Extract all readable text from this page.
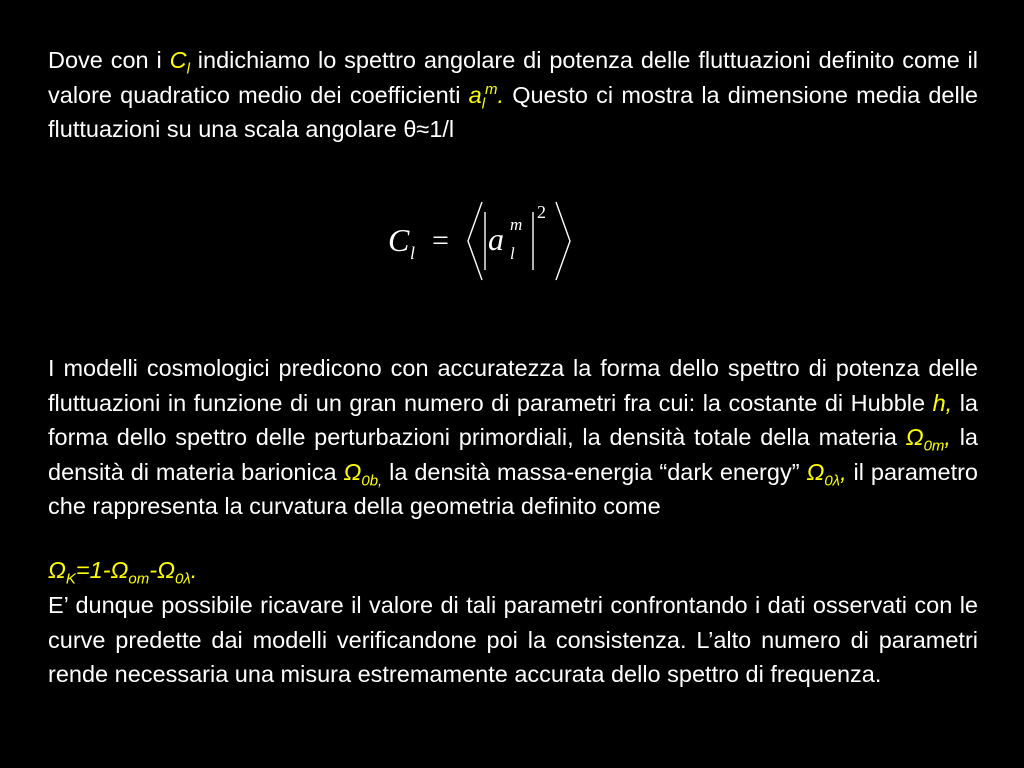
Dove con i $C_l$ indichiamo lo spettro angolare di potenza delle fluttuazioni definito come il valore quadratico medio dei coefficienti $a_l^m$. Questo ci mostra la dimensione media delle fluttuazioni su una scala angolare θ≈1/l

C l = a m
l
2

I modelli cosmologici predicono con accuratezza la forma dello spettro di potenza delle fluttuazioni in funzione di un gran numero di parametri fra cui: la costante di Hubble h, la forma dello spettro delle perturbazioni primordiali, la densità totale della materia $\Omega_{0m}$, la densità di materia barionica $\Omega_{0b,}$ la densità massa-energia “dark energy” $\Omega_{0\lambda}$, il parametro che rappresenta la curvatura della geometria definito come

$\Omega_K=1-\Omega_{om}-\Omega_{0\lambda}$.

E’ dunque possibile ricavare il valore di tali parametri confrontando i dati osservati con le curve predette dai modelli verificandone poi la consistenza. L’alto numero di parametri rende necessaria una misura estremamente accurata dello spettro di frequenza.
